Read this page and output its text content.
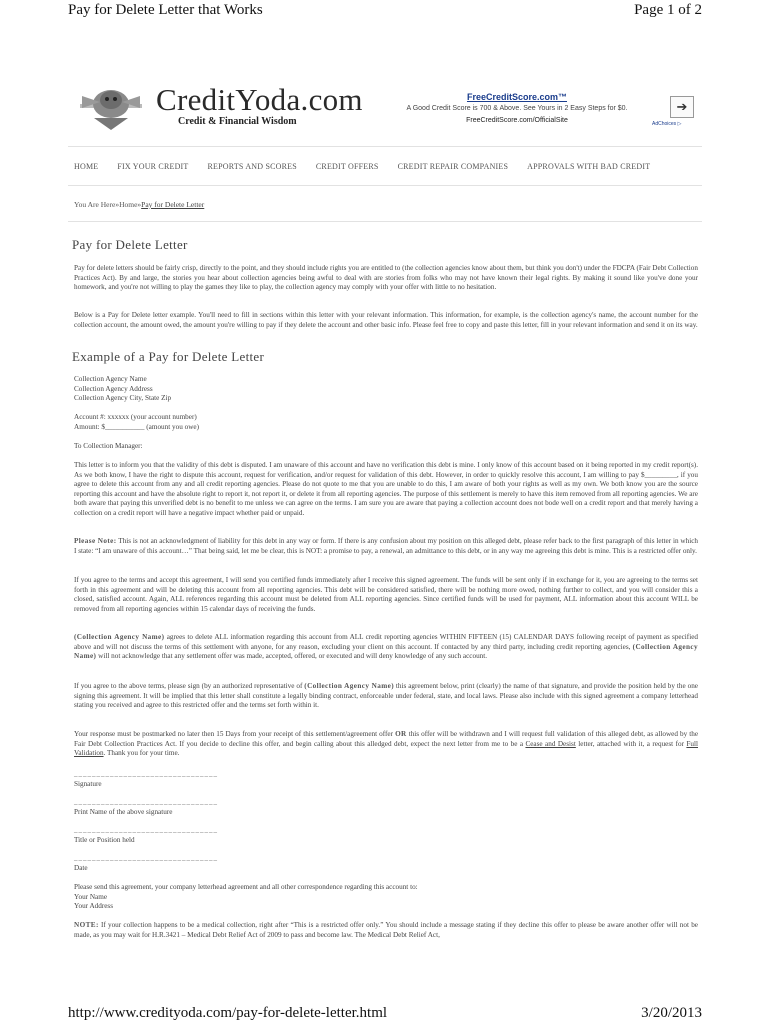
Pay for Delete Letter that Works	Page 1 of 2
CreditYoda.com
Credit & Financial Wisdom
FreeCreditScore.com™
A Good Credit Score is 700 & Above. See Yours in 2 Easy Steps for $0.
FreeCreditScore.com/OfficialSite
➔
AdChoices ▷
HOME FIX YOUR CREDIT REPORTS AND SCORES CREDIT OFFERS CREDIT REPAIR COMPANIES APPROVALS WITH BAD CREDIT
You Are Here»Home»Pay for Delete Letter
Pay for Delete Letter

Pay for delete letters should be fairly crisp, directly to the point, and they should include rights you are entitled to (the collection agencies know about them, but think you don't) under the FDCPA (Fair Debt Collection Practices Act). By and large, the stories you hear about collection agencies being awful to deal with are stories from folks who may not have known their legal rights. By making it sound like you've done your homework, and you're not willing to play the games they like to play, the collection agency may comply with your offer with little to no hesitation.

Below is a Pay for Delete letter example. You'll need to fill in sections within this letter with your relevant information. This information, for example, is the collection agency's name, the account number for the collection account, the amount owed, the amount you're willing to pay if they delete the account and other basic info. Please feel free to copy and paste this letter, fill in your relevant information and send it on its way.

Example of a Pay for Delete Letter

Collection Agency Name
Collection Agency Address
Collection Agency City, State Zip

Account #: xxxxxx (your account number)
Amount: $___________ (amount you owe)

To Collection Manager:

This letter is to inform you that the validity of this debt is disputed. I am unaware of this account and have no verification this debt is mine. I only know of this account based on it being reported in my credit report(s). As we both know, I have the right to dispute this account, request for verification, and/or request for validation of this debt. However, in order to quickly resolve this account, I am willing to pay $_________, if you agree to delete this account from any and all credit reporting agencies. Please do not quote to me that you are unable to do this, I am aware of both your rights as well as my own. We both know you are the source reporting this account and have the absolute right to report it, not report it, or delete it from all reporting agencies. The purpose of this settlement is merely to have this item removed from all reporting agencies. We are both aware that paying this unverified debt is no benefit to me unless we can agree on the terms. I am sure you are aware that paying a collection account does not bode well on a credit report and that merely having a collection on a credit report will have a negative impact whether paid or unpaid.

Please Note: This is not an acknowledgment of liability for this debt in any way or form. If there is any confusion about my position on this alleged debt, please refer back to the first paragraph of this letter in which I state: “I am unaware of this account…” That being said, let me be clear, this is NOT: a promise to pay, a renewal, an admittance to this debt, or in any way me agreeing this debt is mine. This is a restricted offer only.

If you agree to the terms and accept this agreement, I will send you certified funds immediately after I receive this signed agreement. The funds will be sent only if in exchange for it, you are agreeing to the terms set forth in this agreement and will be deleting this account from all reporting agencies. This debt will be considered satisfied, there will be nothing more owed, nothing further to collect, and you will consider this a closed, satisfied account. Again, ALL references regarding this account must be deleted from ALL reporting agencies. Since certified funds will be used for payment, ALL information about this account WILL be removed from all reporting agencies within 15 calendar days of receiving the funds.

(Collection Agency Name) agrees to delete ALL information regarding this account from ALL credit reporting agencies WITHIN FIFTEEN (15) CALENDAR DAYS following receipt of payment as specified above and will not discuss the terms of this settlement with anyone, for any reason, excluding your client on this account. If contacted by any third party, including credit reporting agencies, (Collection Agency Name) will not acknowledge that any settlement offer was made, accepted, offered, or executed and will deny knowledge of any such account.

If you agree to the above terms, please sign (by an authorized representative of (Collection Agency Name) this agreement below, print (clearly) the name of that signature, and provide the position held by the one signing this agreement. It will be implied that this letter shall constitute a legally binding contract, enforceable under federal, state, and local laws. Please also include with this signed agreement a company letterhead stating you received and agree to this restricted offer and the terms set forth within it.

Your response must be postmarked no later then 15 Days from your receipt of this settlement/agreement offer OR this offer will be withdrawn and I will request full validation of this alleged debt, as allowed by the Fair Debt Collection Practices Act. If you decide to decline this offer, and begin calling about this alledged debt, expect the next letter from me to be a Cease and Desist letter, attached with it, a request for Full Validation. Thank you for your time.

________________________________
Signature
________________________________
Print Name of the above signature
________________________________
Title or Position held
________________________________
Date

Please send this agreement, your company letterhead agreement and all other correspondence regarding this account to:
Your Name
Your Address

NOTE: If your collection happens to be a medical collection, right after “This is a restricted offer only.” You should include a message stating if they decline this offer to please be aware another offer will not be made, as you may wait for H.R.3421 – Medical Debt Relief Act of 2009 to pass and become law. The Medical Debt Relief Act,

http://www.credityoda.com/pay-for-delete-letter.html	3/20/2013
